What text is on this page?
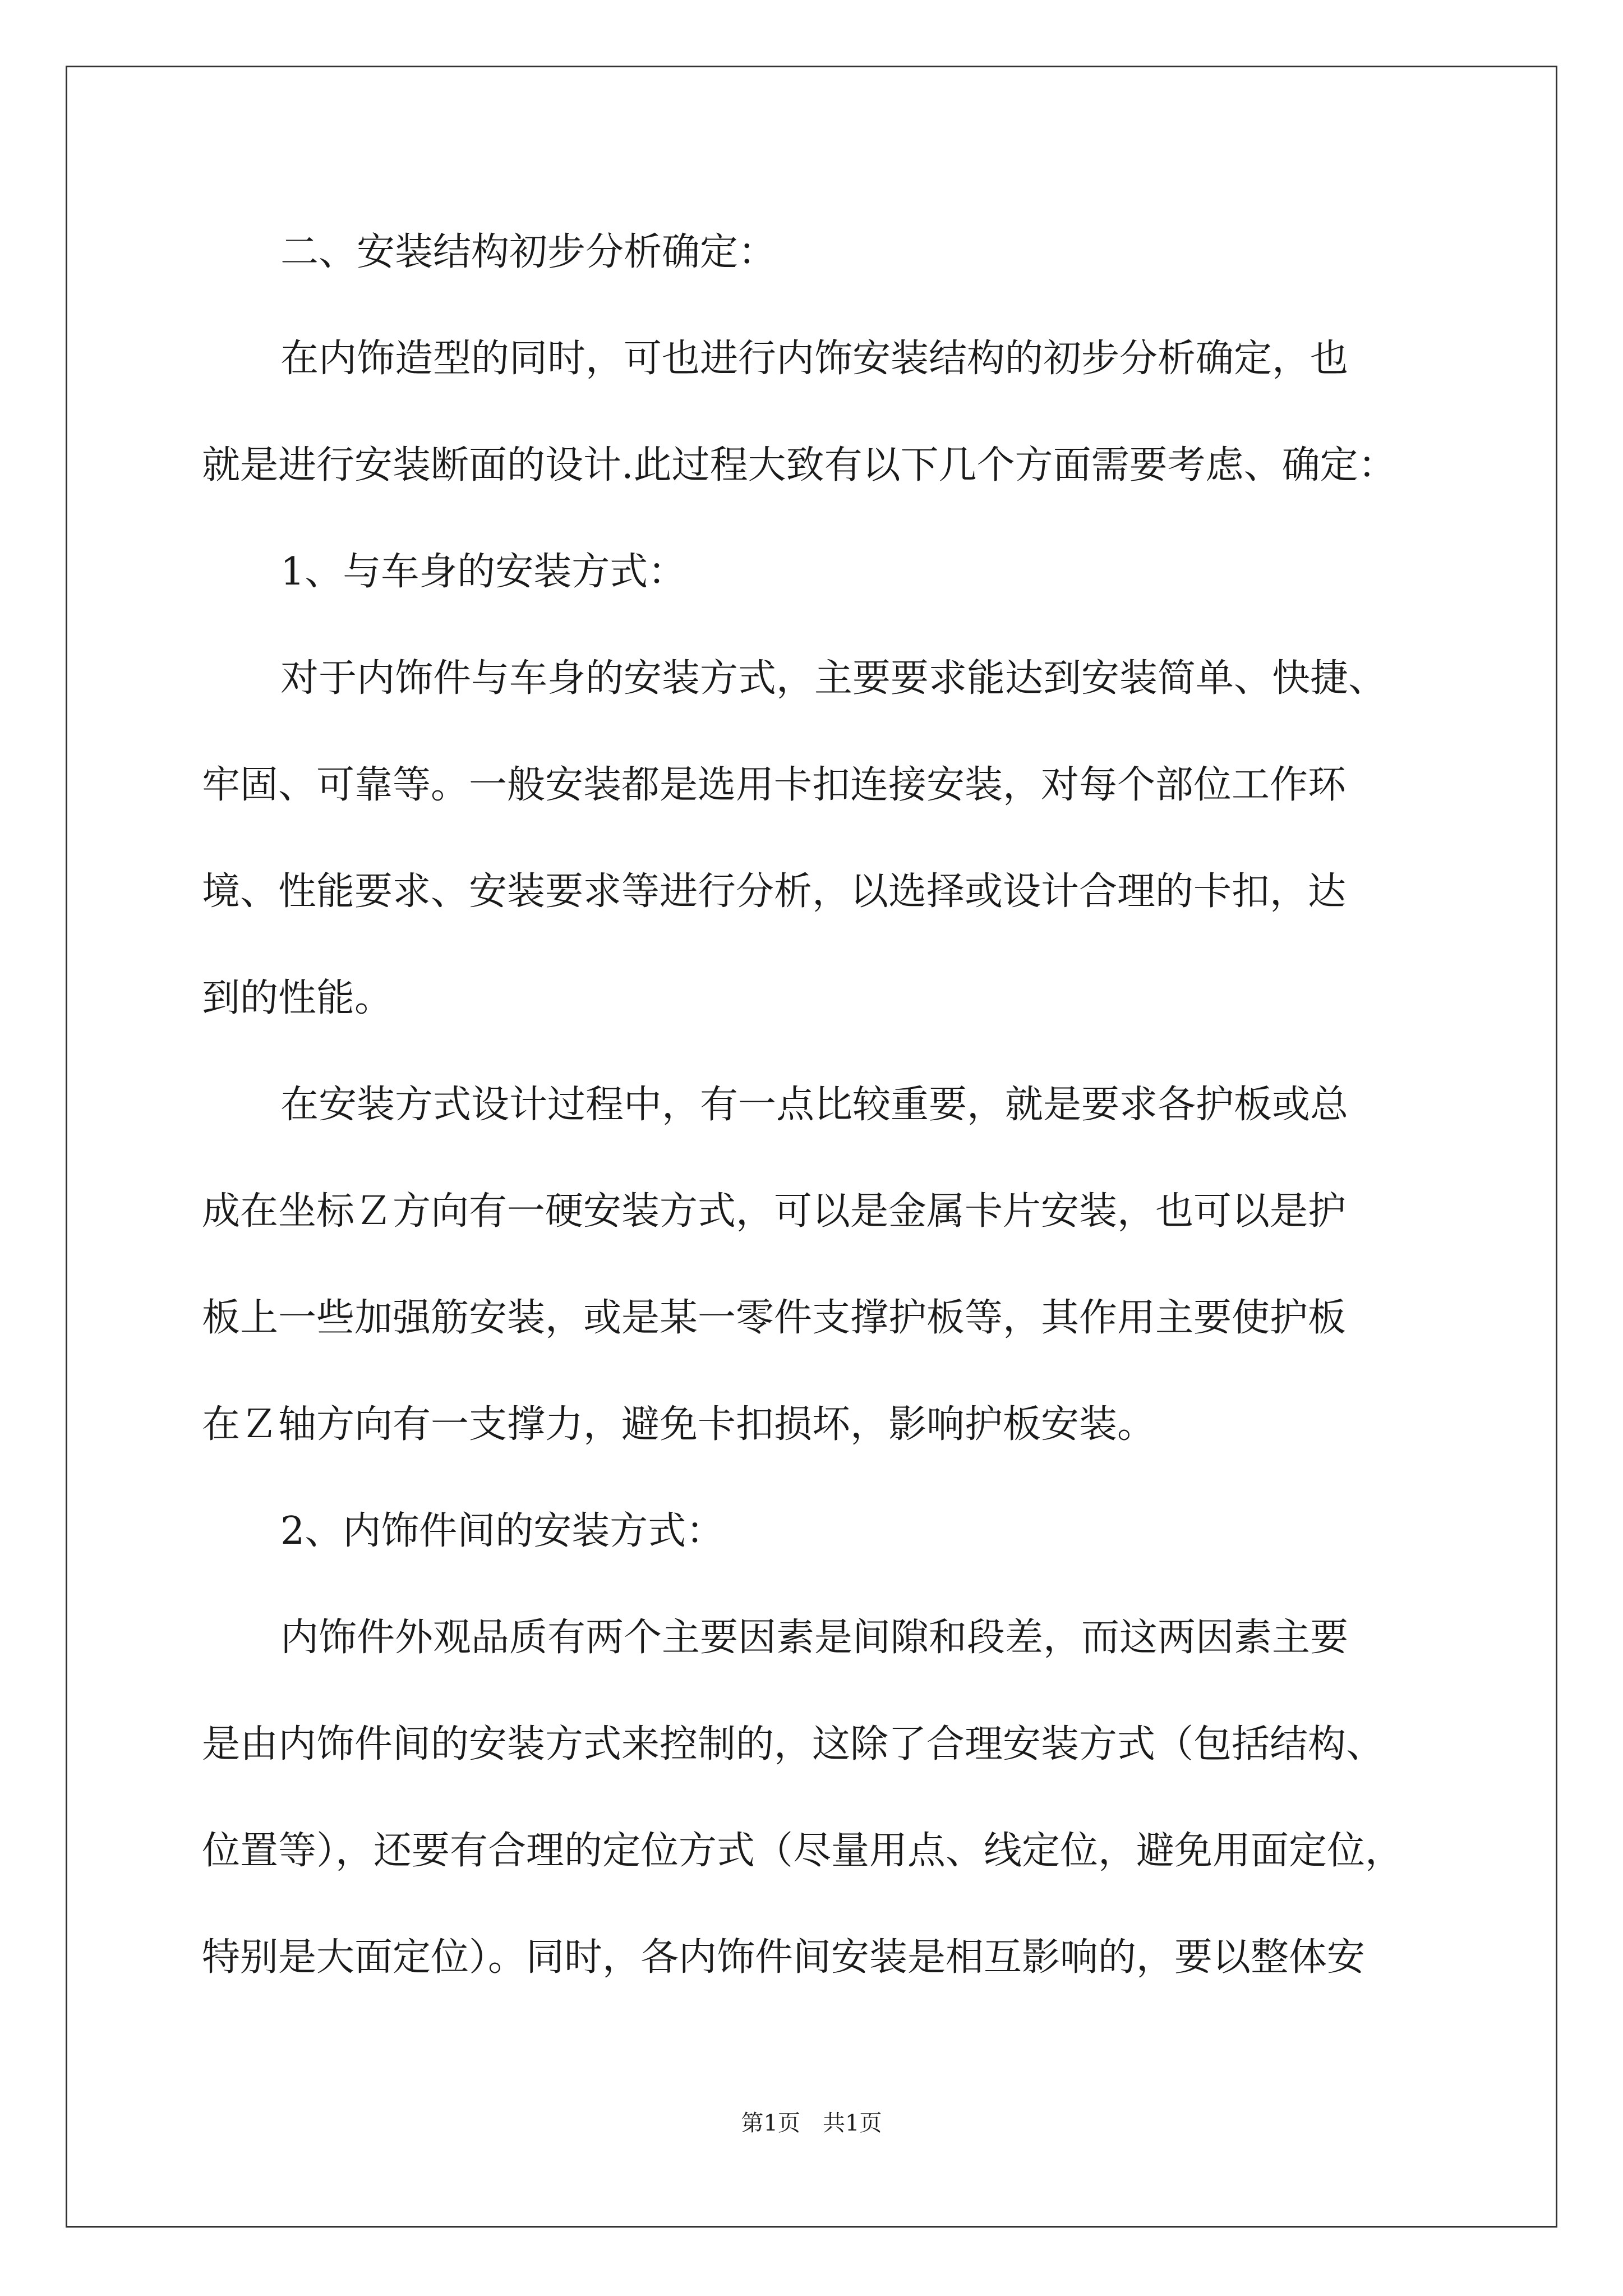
二、安装结构初步分析确定：
在内饰造型的同时，可也进行内饰安装结构的初步分析确定，也
就是进行安装断面的设计.此过程大致有以下几个方面需要考虑、确定：
1、与车身的安装方式：
对于内饰件与车身的安装方式，主要要求能达到安装简单、快捷、
牢固、可靠等。一般安装都是选用卡扣连接安装，对每个部位工作环
境、性能要求、安装要求等进行分析，以选择或设计合理的卡扣，达
到的性能。
在安装方式设计过程中，有一点比较重要，就是要求各护板或总
成在坐标Ｚ方向有一硬安装方式，可以是金属卡片安装，也可以是护
板上一些加强筋安装，或是某一零件支撑护板等，其作用主要使护板
在Ｚ轴方向有一支撑力，避免卡扣损坏，影响护板安装。
2、内饰件间的安装方式：
内饰件外观品质有两个主要因素是间隙和段差，而这两因素主要
是由内饰件间的安装方式来控制的，这除了合理安装方式（包括结构、
位置等），还要有合理的定位方式（尽量用点、线定位，避免用面定位，
特别是大面定位）。同时，各内饰件间安装是相互影响的，要以整体安
第1页　共1页
